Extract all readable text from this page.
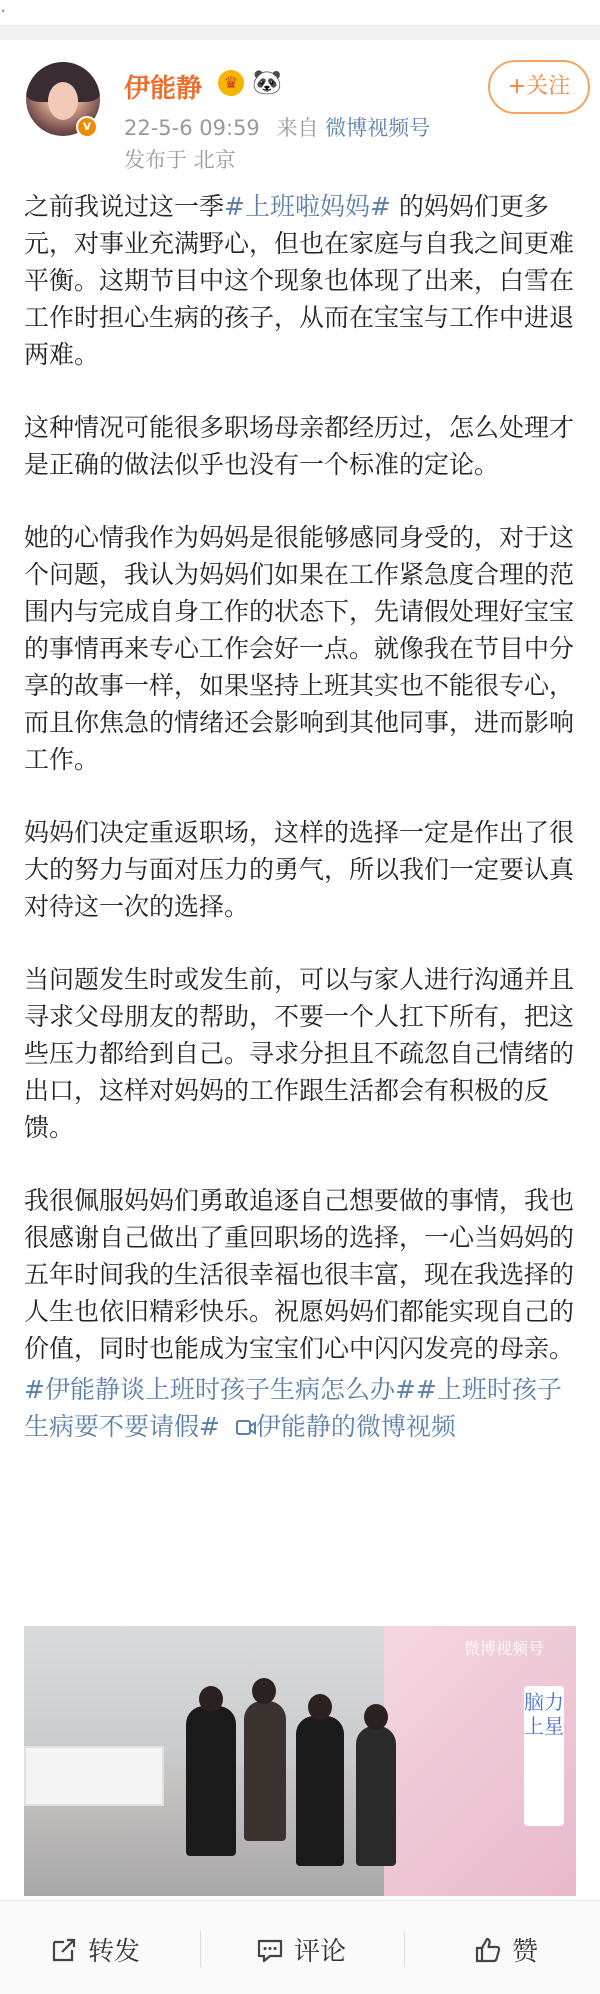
.
v
伊能静	♛ 🐼
22-5-6 09:59 来自 微博视频号
发布于 北京
+关注

之前我说过这一季#上班啦妈妈# 的妈妈们更多元，对事业充满野心，但也在家庭与自我之间更难平衡。这期节目中这个现象也体现了出来，白雪在工作时担心生病的孩子，从而在宝宝与工作中进退两难。

这种情况可能很多职场母亲都经历过，怎么处理才是正确的做法似乎也没有一个标准的定论。

她的心情我作为妈妈是很能够感同身受的，对于这个问题，我认为妈妈们如果在工作紧急度合理的范围内与完成自身工作的状态下，先请假处理好宝宝的事情再来专心工作会好一点。就像我在节目中分享的故事一样，如果坚持上班其实也不能很专心，而且你焦急的情绪还会影响到其他同事，进而影响工作。

妈妈们决定重返职场，这样的选择一定是作出了很大的努力与面对压力的勇气，所以我们一定要认真对待这一次的选择。

当问题发生时或发生前，可以与家人进行沟通并且寻求父母朋友的帮助，不要一个人扛下所有，把这些压力都给到自己。寻求分担且不疏忽自己情绪的出口，这样对妈妈的工作跟生活都会有积极的反馈。

我很佩服妈妈们勇敢追逐自己想要做的事情，我也很感谢自己做出了重回职场的选择，一心当妈妈的五年时间我的生活很幸福也很丰富，现在我选择的人生也依旧精彩快乐。祝愿妈妈们都能实现自己的价值，同时也能成为宝宝们心中闪闪发亮的母亲。

#伊能静谈上班时孩子生病怎么办##上班时孩子生病要不要请假# 伊能静的微博视频
脑力上星
微博视频号
转发	评论	赞
